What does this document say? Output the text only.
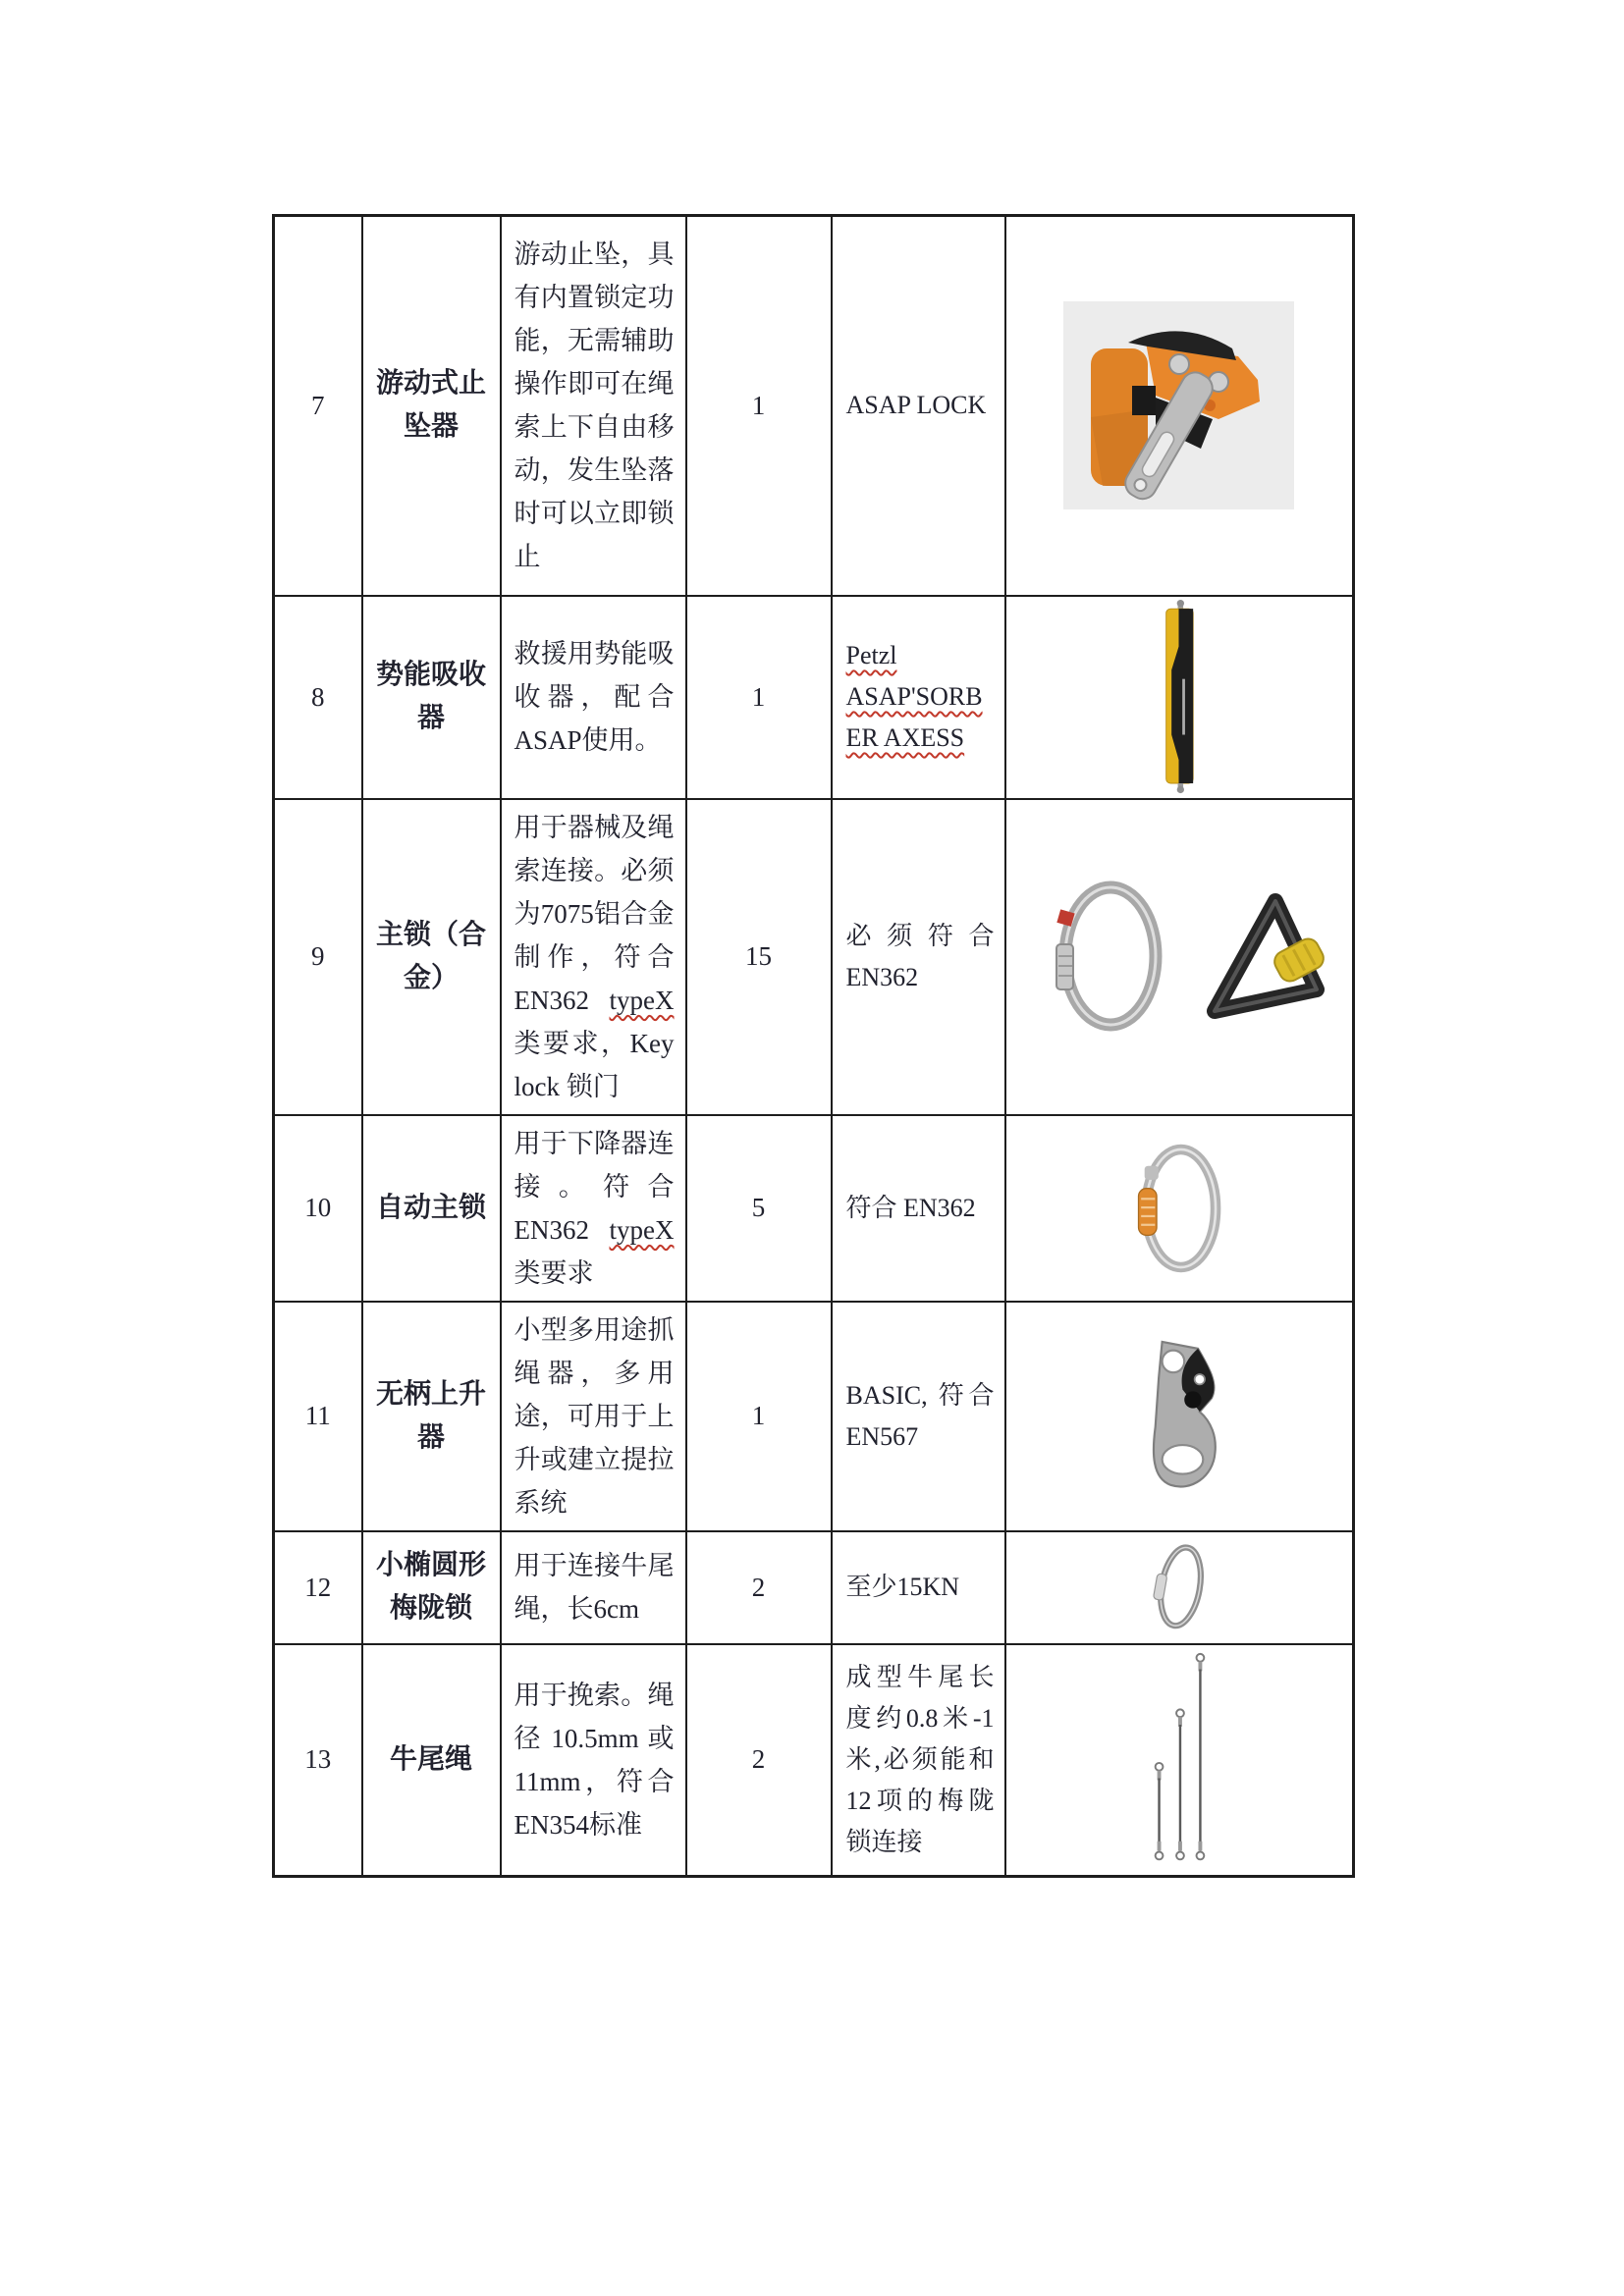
7	游动式止坠器	游动止坠，具有内置锁定功能，无需辅助操作即可在绳索上下自由移动，发生坠落时可以立即锁止	1	ASAP LOCK	
8	势能吸收器	救援用势能吸收器，配合ASAP使用。	1	Petzl ASAP'SORBER AXESS	
9	主锁（合金）	用于器械及绳索连接。必须为7075铝合金制作，符合EN362 typeX类要求，Key lock 锁门	15	必须符合 EN362	
10	自动主锁	用于下降器连接。符合EN362 typeX类要求	5	符合 EN362	
11	无柄上升器	小型多用途抓绳器，多用途，可用于上升或建立提拉系统	1	BASIC, 符合EN567	
12	小椭圆形梅陇锁	用于连接牛尾绳，长6cm	2	至少15KN	
13	牛尾绳	用于挽索。绳径 10.5mm 或 11mm，符合EN354标准	2	成型牛尾长度约0.8米-1米,必须能和12项的梅陇锁连接	
